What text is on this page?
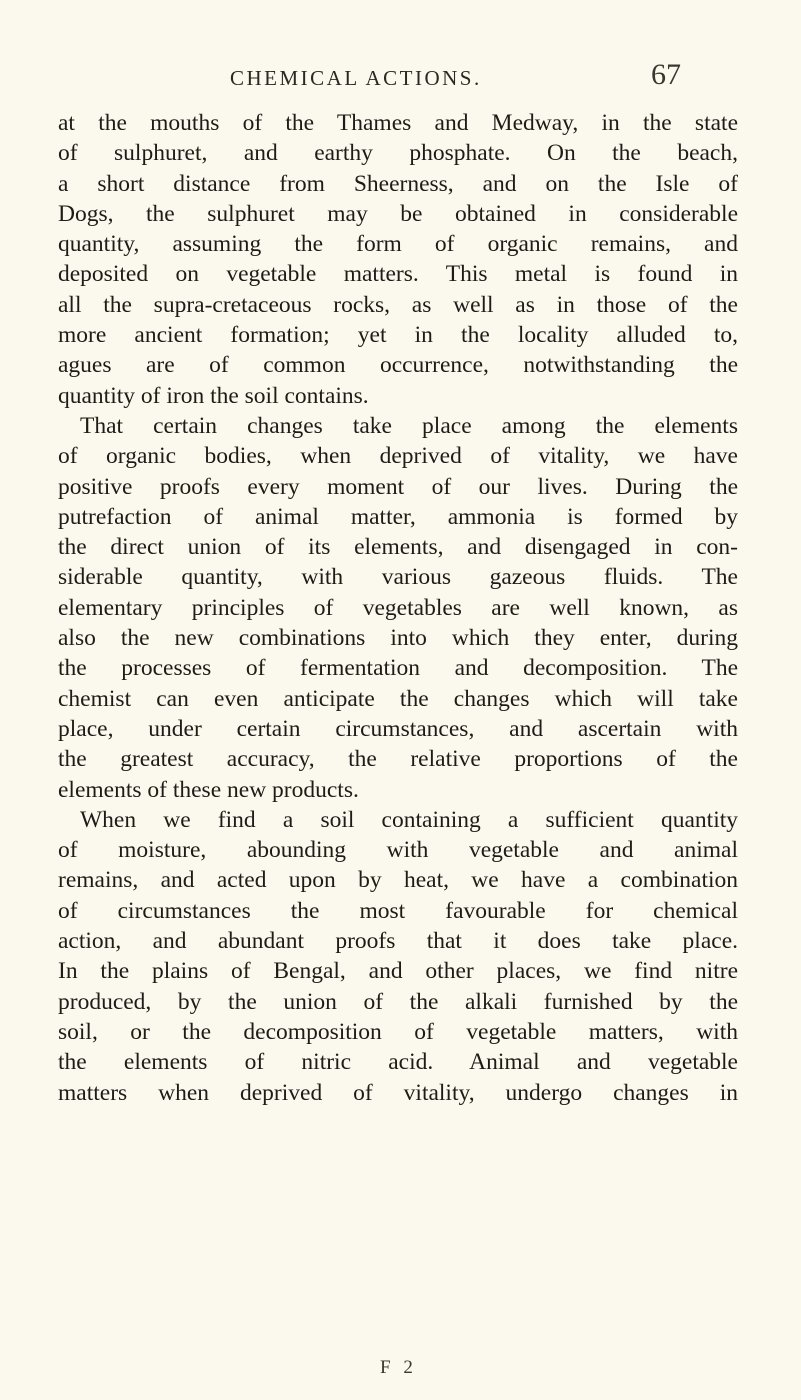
CHEMICAL ACTIONS.	67
at the mouths of the Thames and Medway, in the state
of sulphuret, and earthy phosphate. On the beach,
a short distance from Sheerness, and on the Isle of
Dogs, the sulphuret may be obtained in considerable
quantity, assuming the form of organic remains, and
deposited on vegetable matters. This metal is found in
all the supra-cretaceous rocks, as well as in those of the
more ancient formation; yet in the locality alluded to,
agues are of common occurrence, notwithstanding the
quantity of iron the soil contains.
That certain changes take place among the elements
of organic bodies, when deprived of vitality, we have
positive proofs every moment of our lives. During the
putrefaction of animal matter, ammonia is formed by
the direct union of its elements, and disengaged in con-
siderable quantity, with various gazeous fluids. The
elementary principles of vegetables are well known, as
also the new combinations into which they enter, during
the processes of fermentation and decomposition. The
chemist can even anticipate the changes which will take
place, under certain circumstances, and ascertain with
the greatest accuracy, the relative proportions of the
elements of these new products.
When we find a soil containing a sufficient quantity
of moisture, abounding with vegetable and animal
remains, and acted upon by heat, we have a combination
of circumstances the most favourable for chemical
action, and abundant proofs that it does take place.
In the plains of Bengal, and other places, we find nitre
produced, by the union of the alkali furnished by the
soil, or the decomposition of vegetable matters, with
the elements of nitric acid. Animal and vegetable
matters when deprived of vitality, undergo changes in
F 2
